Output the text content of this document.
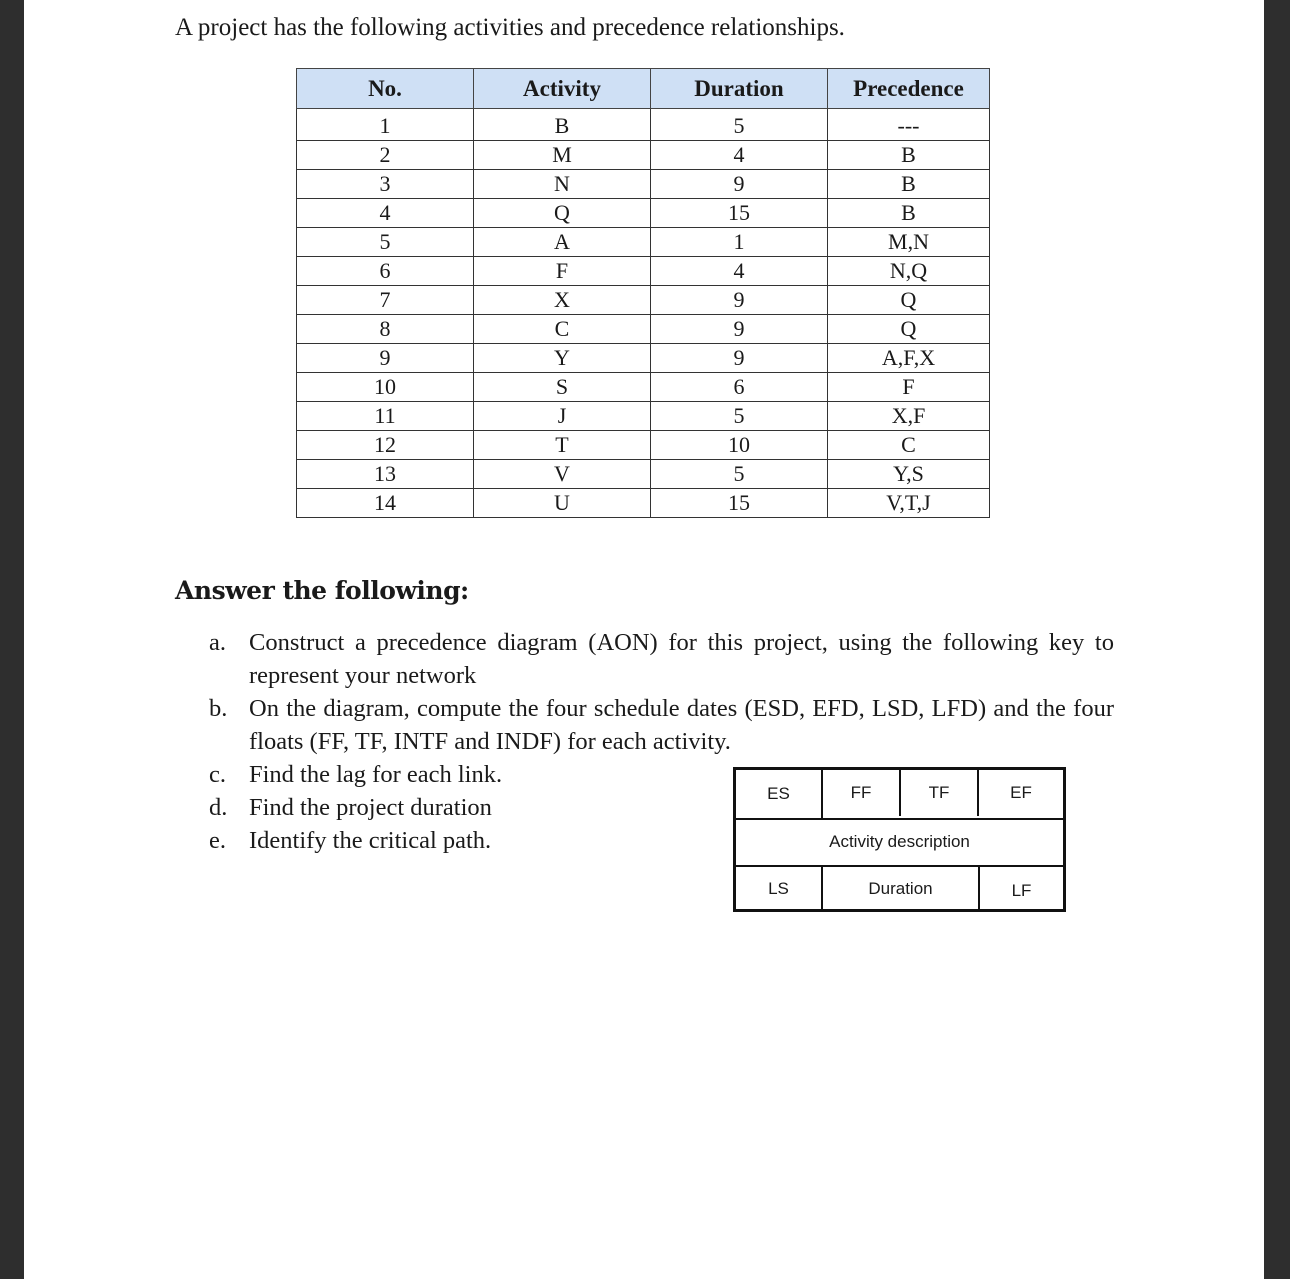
A project has the following activities and precedence relationships.

No.	Activity	Duration	Precedence
1	B	5	---
2	M	4	B
3	N	9	B
4	Q	15	B
5	A	1	M,N
6	F	4	N,Q
7	X	9	Q
8	C	9	Q
9	Y	9	A,F,X
10	S	6	F
11	J	5	X,F
12	T	10	C
13	V	5	Y,S
14	U	15	V,T,J

Answer the following:

a. Construct a precedence diagram (AON) for this project, using the following key to represent your network
b. On the diagram, compute the four schedule dates (ESD, EFD, LSD, LFD) and the four floats (FF, TF, INTF and INDF) for each activity.
c. Find the lag for each link.
d. Find the project duration
e. Identify the critical path.
ES	FF	TF	EF
Activity description
LS	Duration	LF
